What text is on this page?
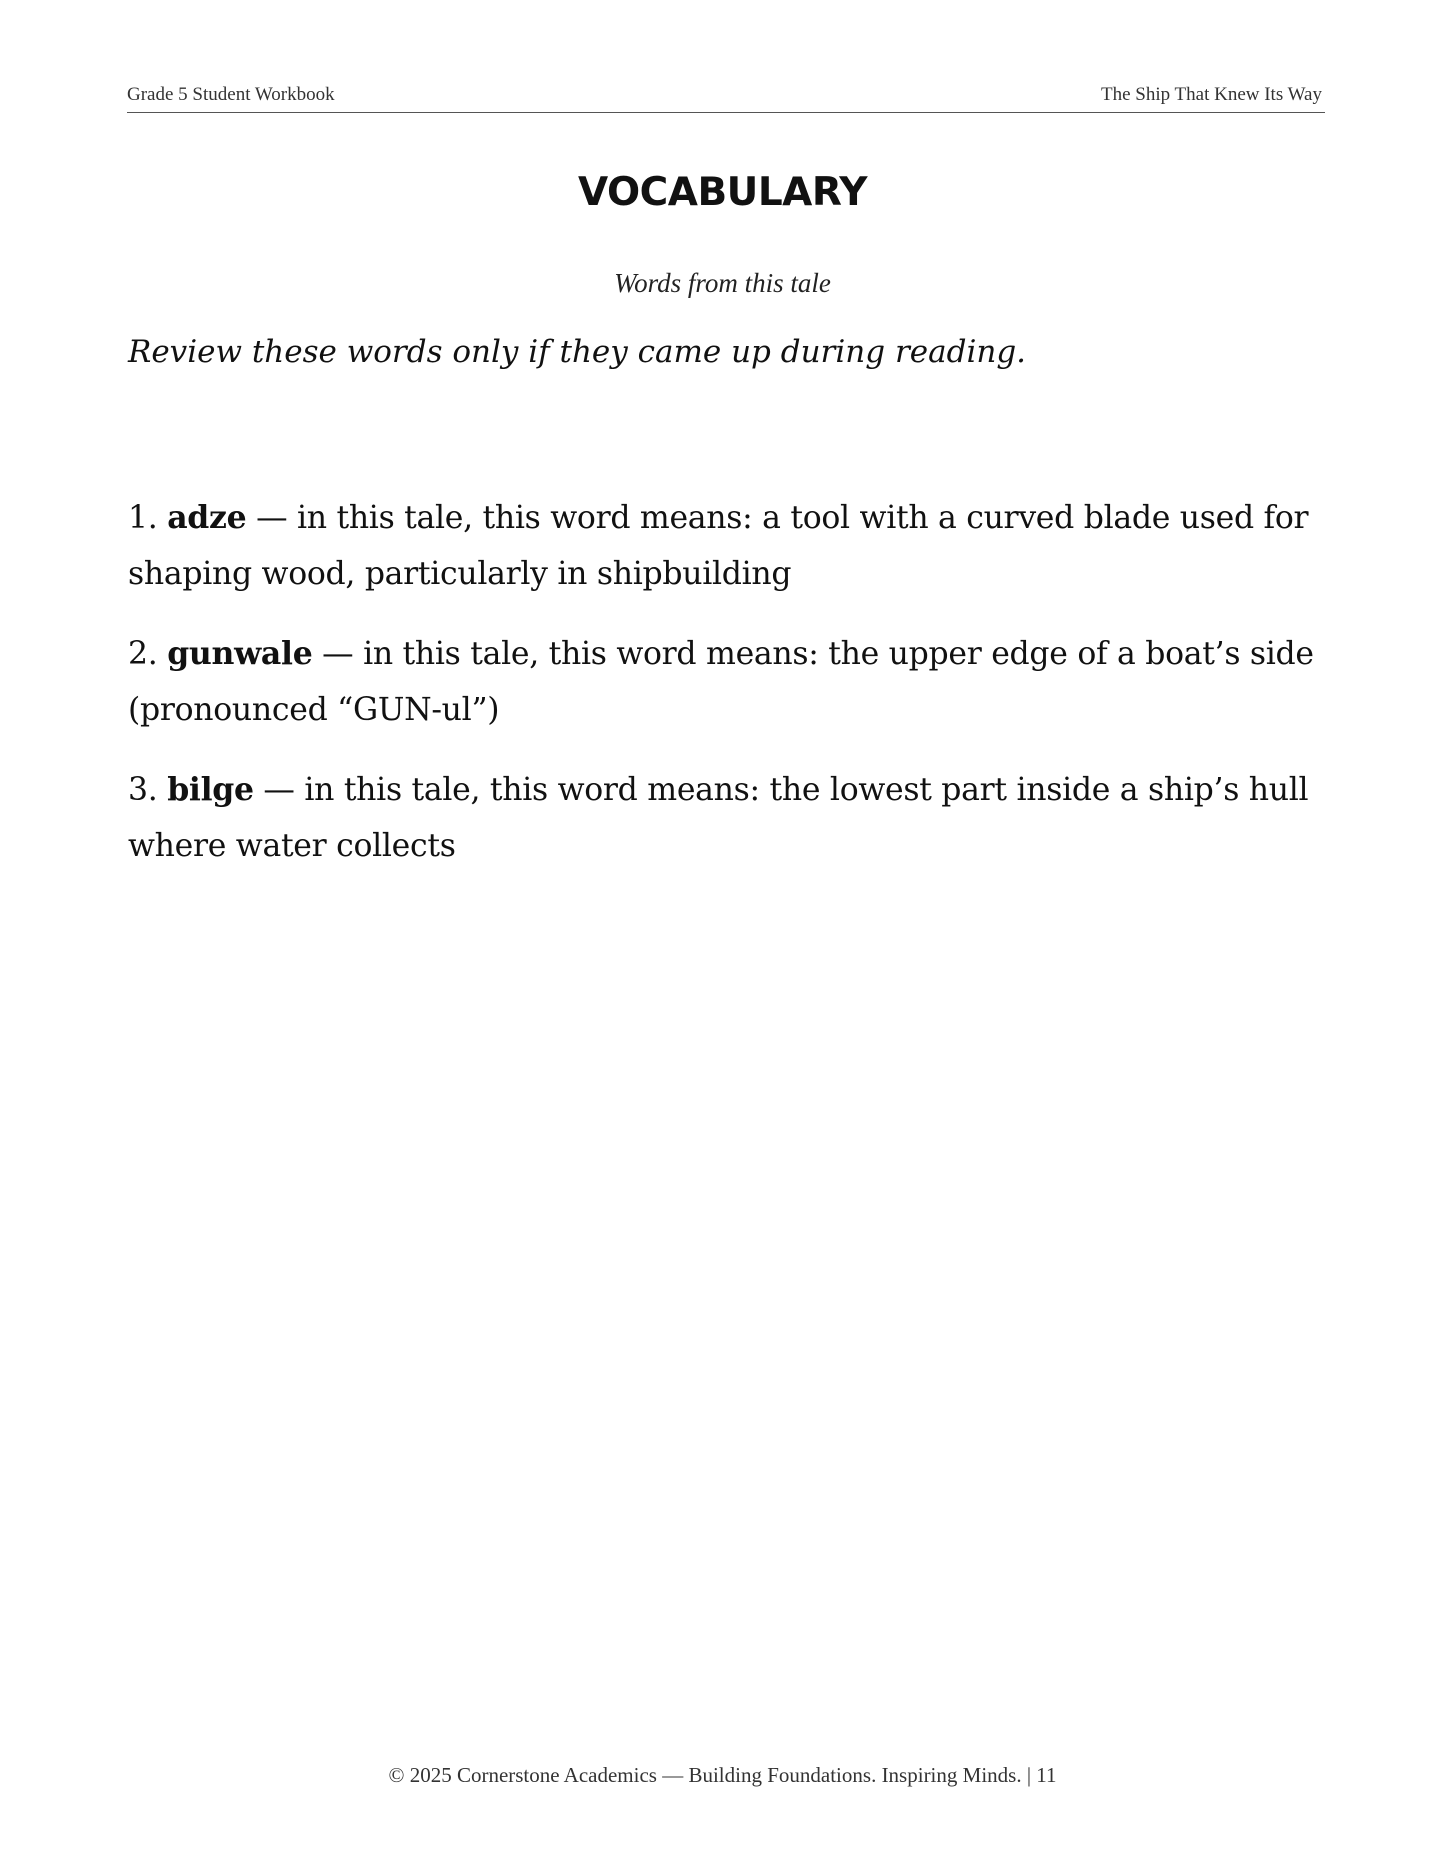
Grade 5 Student Workbook	The Ship That Knew Its Way
VOCABULARY
Words from this tale
Review these words only if they came up during reading.

1. adze — in this tale, this word means: a tool with a curved blade used for shaping wood, particularly in shipbuilding

2. gunwale — in this tale, this word means: the upper edge of a boat’s side (pronounced “GUN-ul”)

3. bilge — in this tale, this word means: the lowest part inside a ship’s hull where water collects

© 2025 Cornerstone Academics — Building Foundations. Inspiring Minds. | 11
